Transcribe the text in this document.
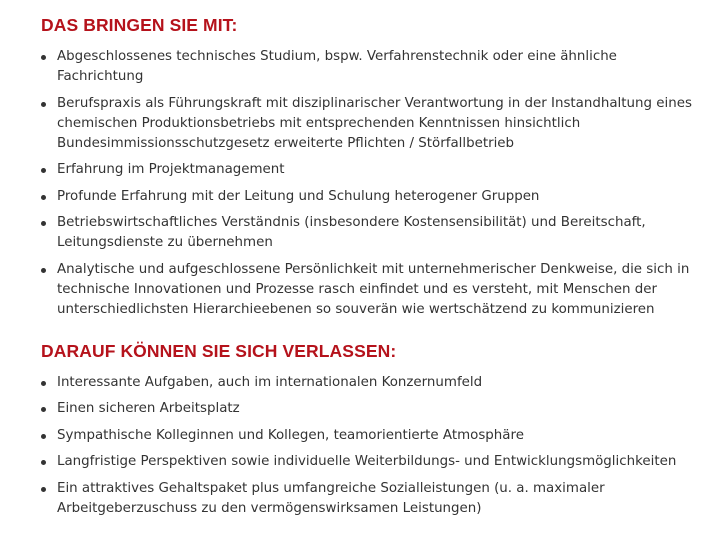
DAS BRINGEN SIE MIT:
Abgeschlossenes technisches Studium, bspw. Verfahrenstechnik oder eine ähnliche Fachrichtung
Berufspraxis als Führungskraft mit disziplinarischer Verantwortung in der Instandhaltung eines chemischen Produktionsbetriebs mit entsprechenden Kenntnissen hinsichtlich Bundesimmissionsschutzgesetz erweiterte Pflichten / Störfallbetrieb
Erfahrung im Projektmanagement
Profunde Erfahrung mit der Leitung und Schulung heterogener Gruppen
Betriebswirtschaftliches Verständnis (insbesondere Kostensensibilität) und Bereitschaft, Leitungsdienste zu übernehmen
Analytische und aufgeschlossene Persönlichkeit mit unternehmerischer Denkweise, die sich in technische Innovationen und Prozesse rasch einfindet und es versteht, mit Menschen der unterschiedlichsten Hierarchieebenen so souverän wie wertschätzend zu kommunizieren
DARAUF KÖNNEN SIE SICH VERLASSEN:
Interessante Aufgaben, auch im internationalen Konzernumfeld
Einen sicheren Arbeitsplatz
Sympathische Kolleginnen und Kollegen, teamorientierte Atmosphäre
Langfristige Perspektiven sowie individuelle Weiterbildungs- und Entwicklungsmöglichkeiten
Ein attraktives Gehaltspaket plus umfangreiche Sozialleistungen (u. a. maximaler Arbeitgeberzuschuss zu den vermögenswirksamen Leistungen)
